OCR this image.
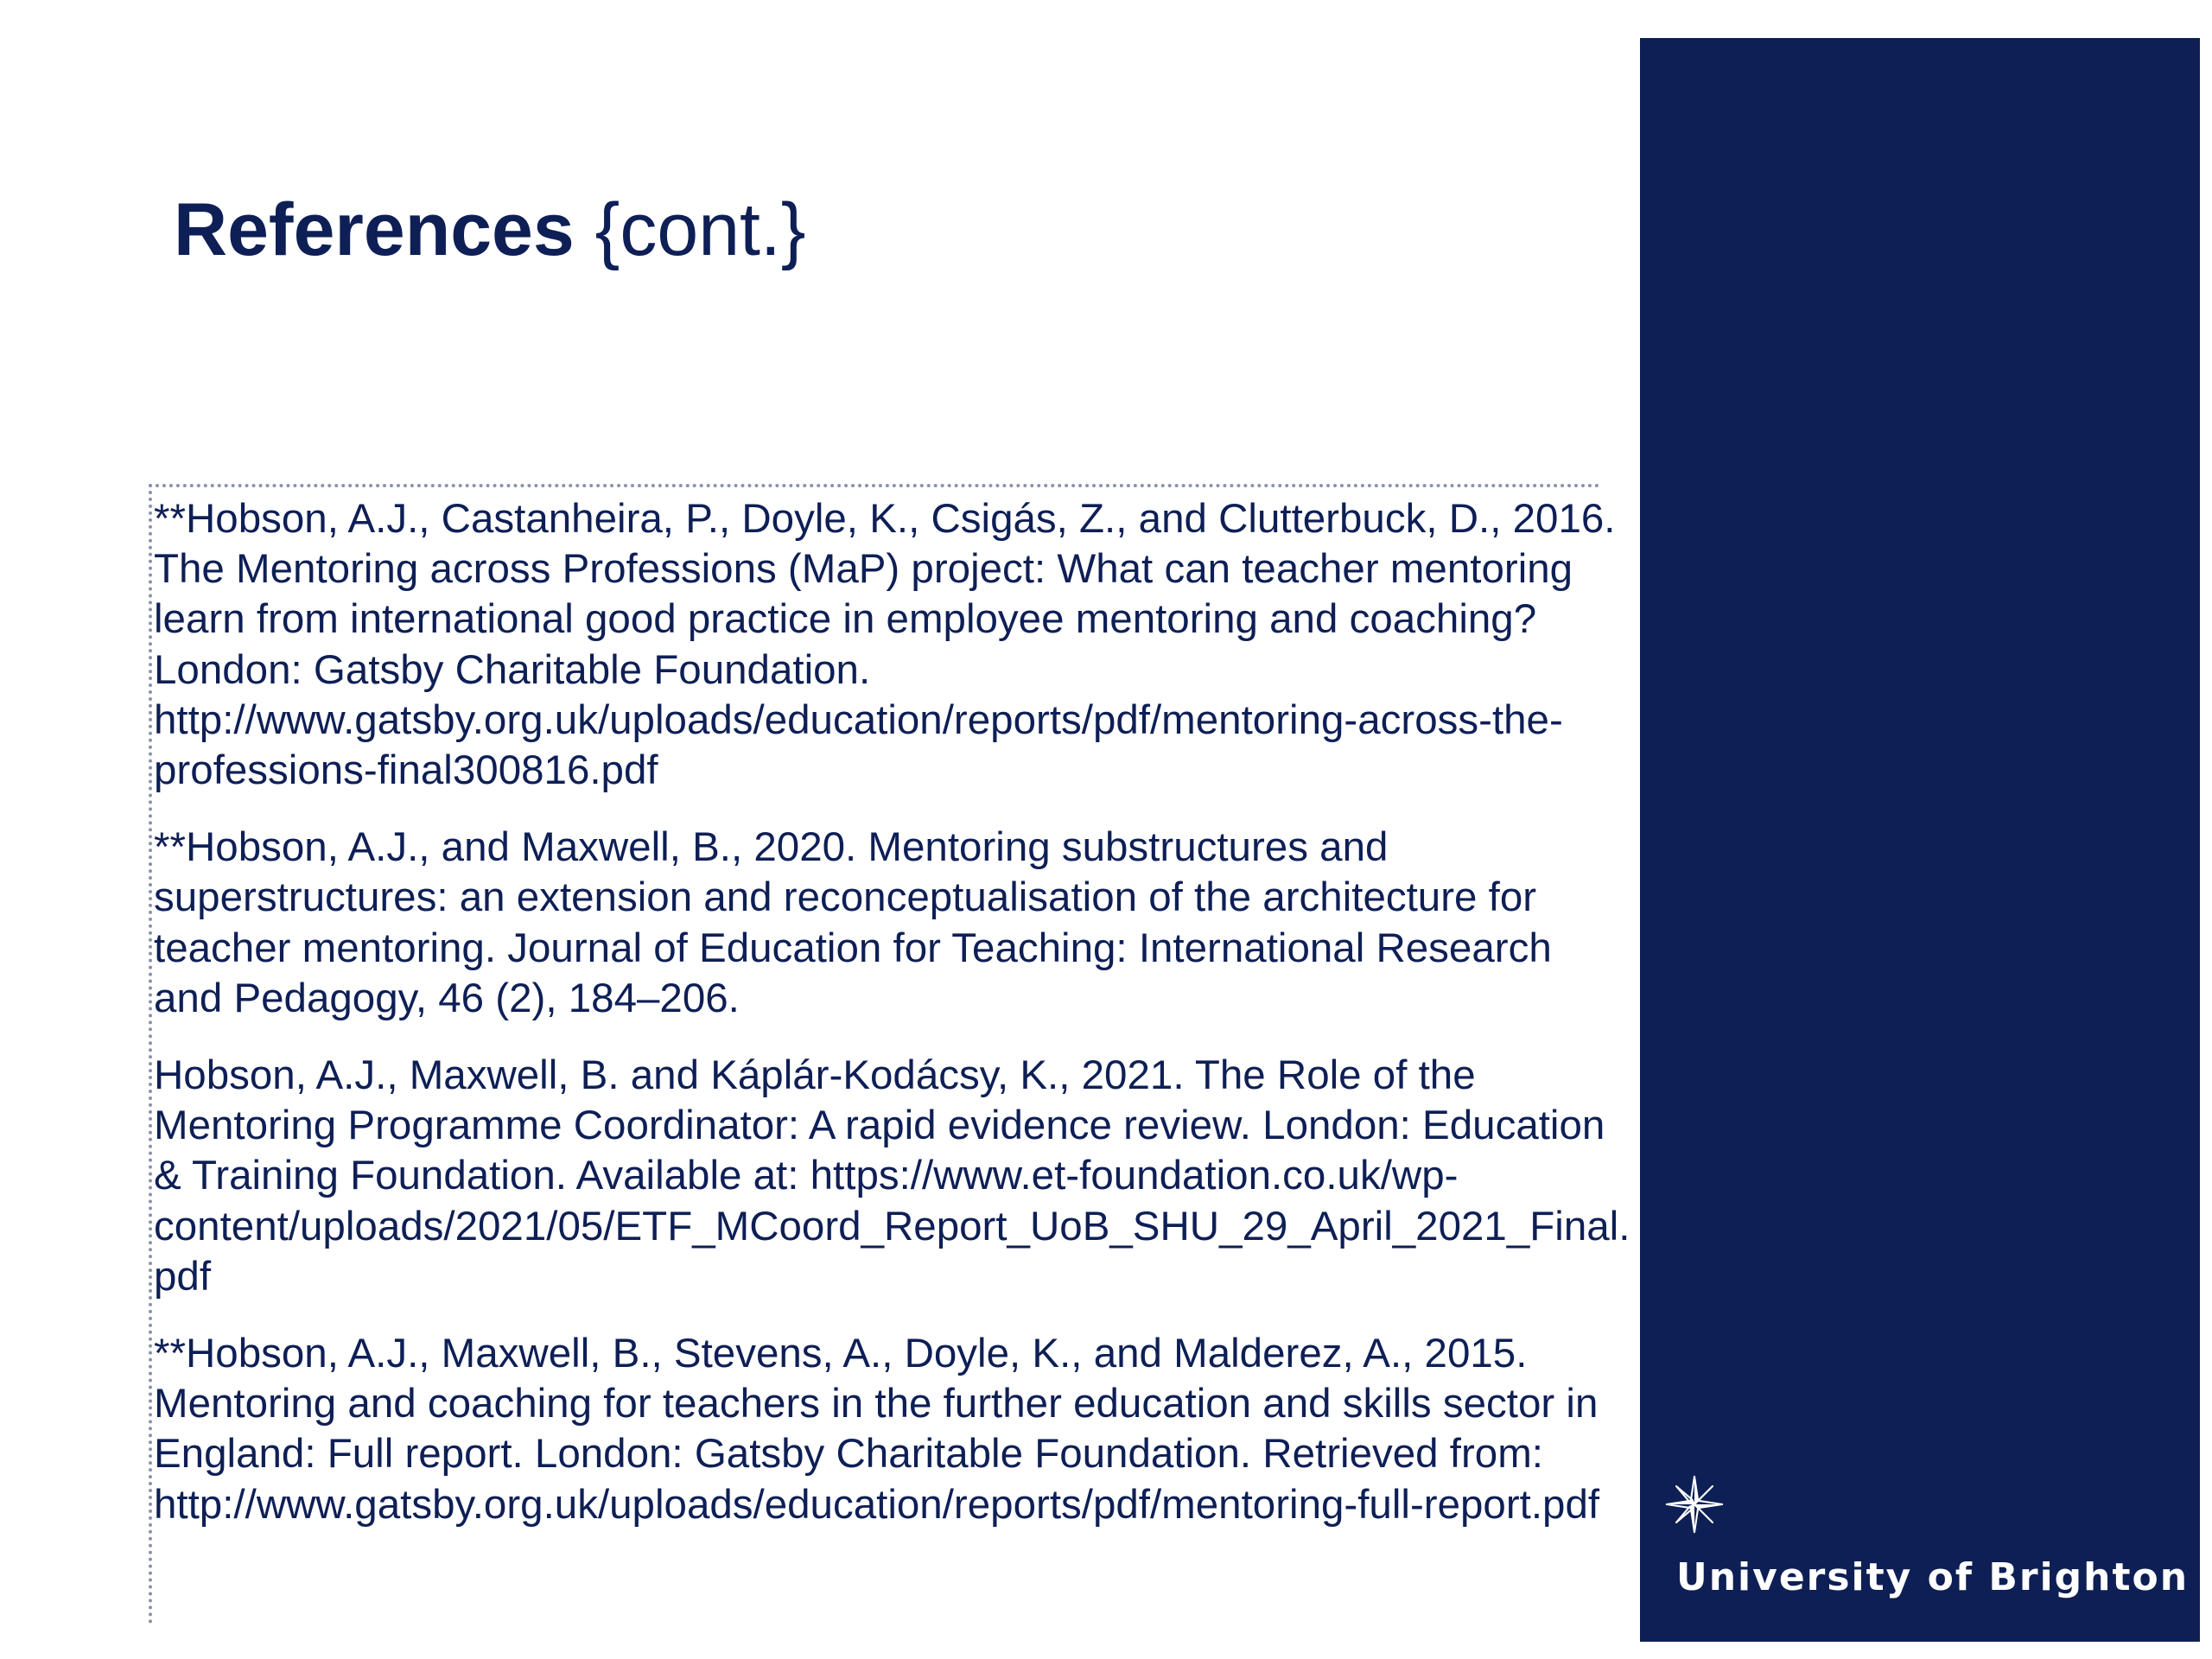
References {cont.}
**Hobson, A.J., Castanheira, P., Doyle, K., Csigás, Z., and Clutterbuck, D., 2016. The Mentoring across Professions (MaP) project: What can teacher mentoring learn from international good practice in employee mentoring and coaching? London: Gatsby Charitable Foundation. http://www.gatsby.org.uk/uploads/education/reports/pdf/mentoring-across-the-professions-final300816.pdf
**Hobson, A.J., and Maxwell, B., 2020. Mentoring substructures and superstructures: an extension and reconceptualisation of the architecture for teacher mentoring. Journal of Education for Teaching: International Research and Pedagogy, 46 (2), 184–206.
Hobson, A.J., Maxwell, B. and Káplár-Kodácsy, K., 2021. The Role of the Mentoring Programme Coordinator: A rapid evidence review. London: Education & Training Foundation. Available at: https://www.et-foundation.co.uk/wp-content/uploads/2021/05/ETF_MCoord_Report_UoB_SHU_29_April_2021_Final.pdf
**Hobson, A.J., Maxwell, B., Stevens, A., Doyle, K., and Malderez, A., 2015. Mentoring and coaching for teachers in the further education and skills sector in England: Full report. London: Gatsby Charitable Foundation. Retrieved from: http://www.gatsby.org.uk/uploads/education/reports/pdf/mentoring-full-report.pdf
University of Brighton
